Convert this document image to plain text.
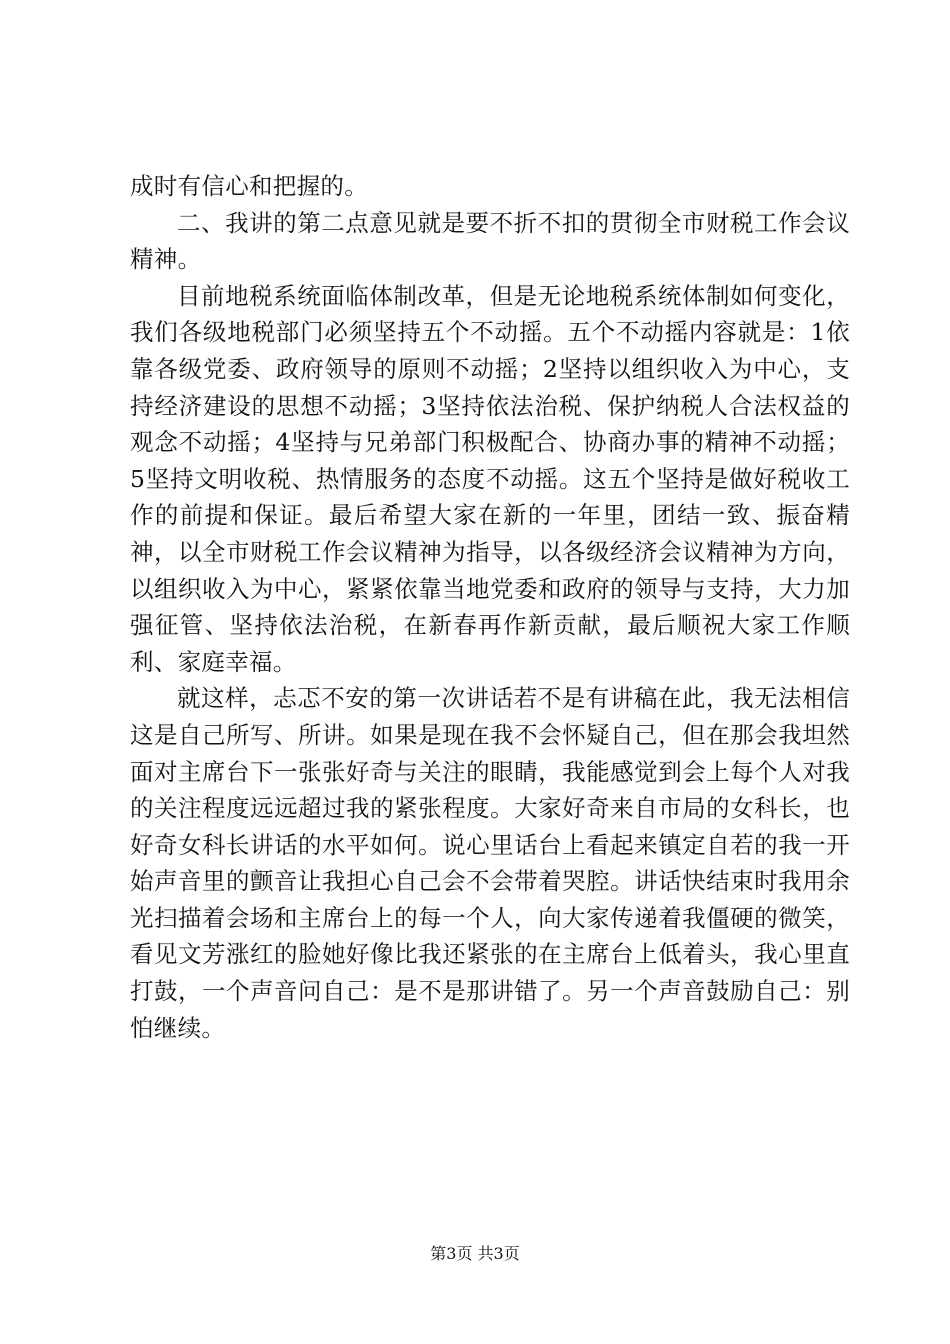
成时有信心和把握的。

二、我讲的第二点意见就是要不折不扣的贯彻全市财税工作会议精神。

目前地税系统面临体制改革，但是无论地税系统体制如何变化，我们各级地税部门必须坚持五个不动摇。五个不动摇内容就是：1依靠各级党委、政府领导的原则不动摇；2坚持以组织收入为中心，支持经济建设的思想不动摇；3坚持依法治税、保护纳税人合法权益的观念不动摇；4坚持与兄弟部门积极配合、协商办事的精神不动摇；5坚持文明收税、热情服务的态度不动摇。这五个坚持是做好税收工作的前提和保证。最后希望大家在新的一年里，团结一致、振奋精神，以全市财税工作会议精神为指导，以各级经济会议精神为方向，以组织收入为中心，紧紧依靠当地党委和政府的领导与支持，大力加强征管、坚持依法治税，在新春再作新贡献，最后顺祝大家工作顺利、家庭幸福。

就这样，忐忑不安的第一次讲话若不是有讲稿在此，我无法相信这是自己所写、所讲。如果是现在我不会怀疑自己，但在那会我坦然面对主席台下一张张好奇与关注的眼睛，我能感觉到会上每个人对我的关注程度远远超过我的紧张程度。大家好奇来自市局的女科长，也好奇女科长讲话的水平如何。说心里话台上看起来镇定自若的我一开始声音里的颤音让我担心自己会不会带着哭腔。讲话快结束时我用余光扫描着会场和主席台上的每一个人，向大家传递着我僵硬的微笑，看见文芳涨红的脸她好像比我还紧张的在主席台上低着头，我心里直打鼓，一个声音问自己：是不是那讲错了。另一个声音鼓励自己：别怕继续。

第3页 共3页
